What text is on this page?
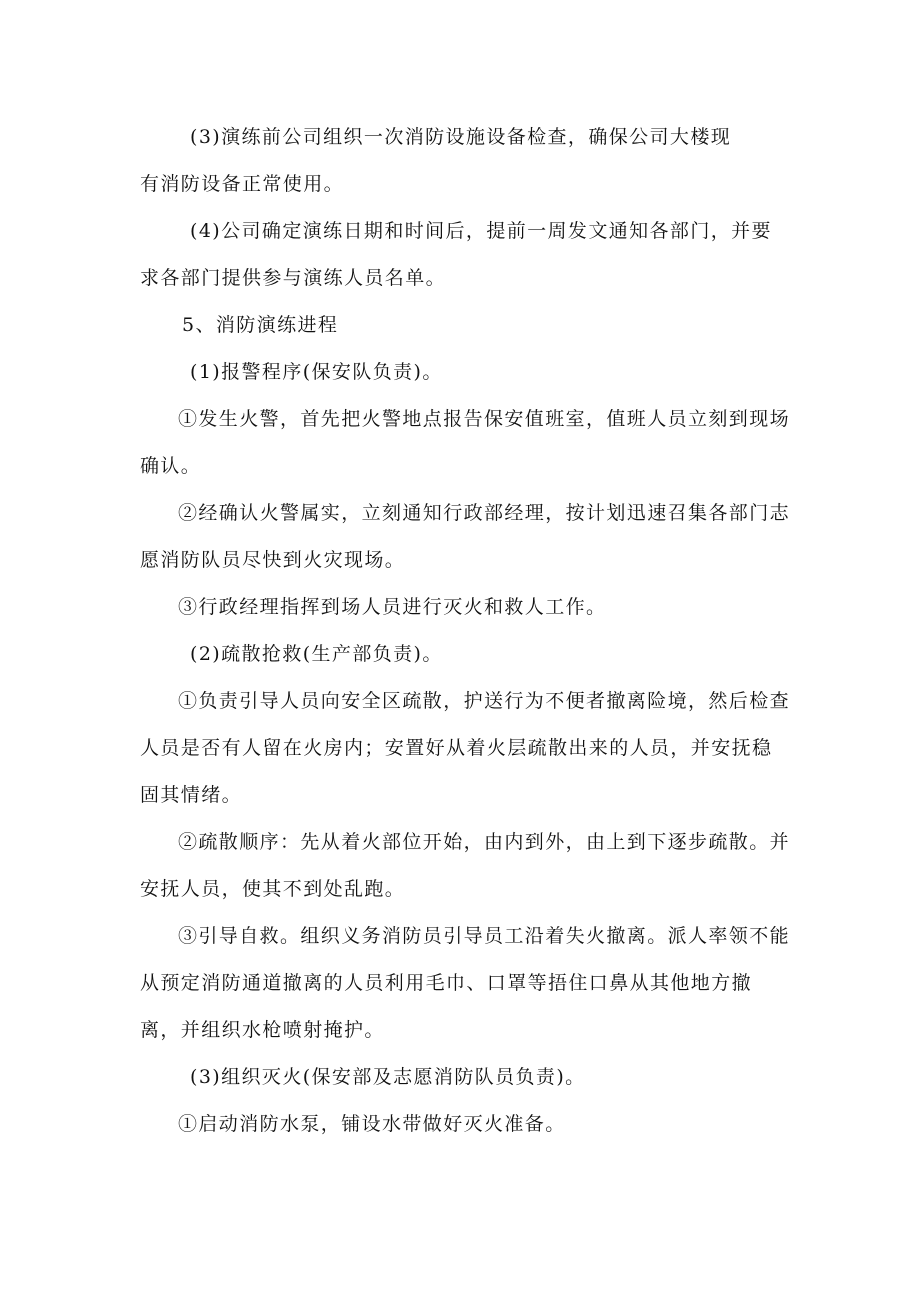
(3)演练前公司组织一次消防设施设备检查，确保公司大楼现有消防设备正常使用。

(4)公司确定演练日期和时间后，提前一周发文通知各部门，并要求各部门提供参与演练人员名单。

5、消防演练进程

(1)报警程序(保安队负责)。

①发生火警，首先把火警地点报告保安值班室，值班人员立刻到现场确认。

②经确认火警属实，立刻通知行政部经理，按计划迅速召集各部门志愿消防队员尽快到火灾现场。

③行政经理指挥到场人员进行灭火和救人工作。

(2)疏散抢救(生产部负责)。

①负责引导人员向安全区疏散，护送行为不便者撤离险境，然后检查人员是否有人留在火房内；安置好从着火层疏散出来的人员，并安抚稳固其情绪。

②疏散顺序：先从着火部位开始，由内到外，由上到下逐步疏散。并安抚人员，使其不到处乱跑。

③引导自救。组织义务消防员引导员工沿着失火撤离。派人率领不能从预定消防通道撤离的人员利用毛巾、口罩等捂住口鼻从其他地方撤离，并组织水枪喷射掩护。

(3)组织灭火(保安部及志愿消防队员负责)。

①启动消防水泵，铺设水带做好灭火准备。
